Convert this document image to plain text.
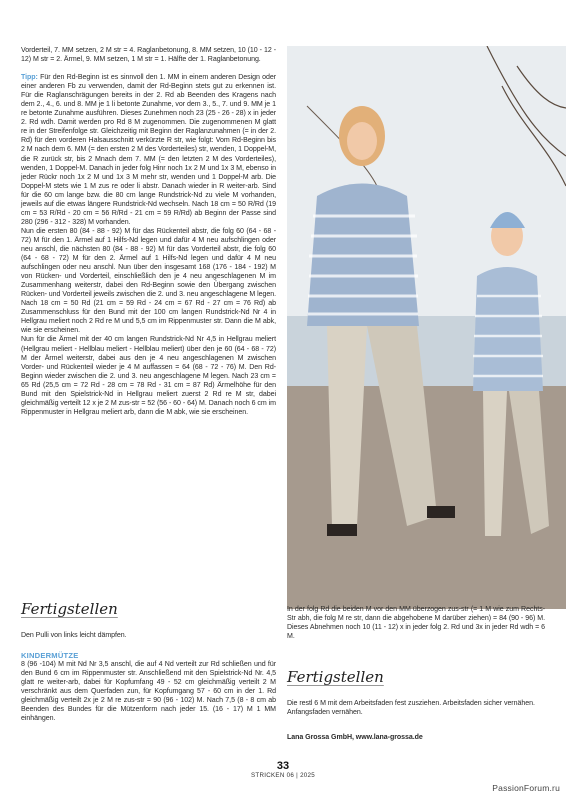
Vorderteil, 7. MM setzen, 2 M str = 4. Raglanbetonung, 8. MM setzen, 10 (10 - 12 - 12) M str = 2. Ärmel, 9. MM setzen, 1 M str = 1. Hälfte der 1. Raglanbetonung.

Tipp: Für den Rd-Beginn ist es sinnvoll den 1. MM in einem anderen Design oder einer anderen Fb zu verwenden, damit der Rd-Beginn stets gut zu erkennen ist. Für die Raglanschrägungen bereits in der 2. Rd ab Beenden des Kragens nach dem 2., 4., 6. und 8. MM je 1 li betonte Zunahme, vor dem 3., 5., 7. und 9. MM je 1 re betonte Zunahme ausführen. Dieses Zunehmen noch 23 (25 - 26 - 28) x in jeder 2. Rd wdh. Damit werden pro Rd 8 M zugenommen. Die zugenommenen M glatt re in der Streifenfolge str. Gleichzeitig mit Beginn der Raglanzunahmen (= in der 2. Rd) für den vorderen Halsausschnitt verkürzte R str, wie folgt: Vom Rd-Beginn bis 2 M nach dem 6. MM (= den ersten 2 M des Vorderteiles) str, wenden, 1 Doppel-M, die R zurück str, bis 2 Mnach dem 7. MM (= den letzten 2 M des Vorderteiles), wenden, 1 Doppel-M. Danach in jeder folg Hinr noch 1x 2 M und 1x 3 M, ebenso in jeder Rückr noch 1x 2 M und 1x 3 M mehr str, wenden und 1 Doppel-M arb. Die Doppel-M stets wie 1 M zus re oder li abstr. Danach wieder in R weiter-arb. Sind für die 60 cm lange bzw. die 80 cm lange Rundstrick-Nd zu viele M vorhanden, jeweils auf die etwas längere Rundstrick-Nd wechseln. Nach 18 cm = 50 R/Rd (19 cm = 53 R/Rd - 20 cm = 56 R/Rd - 21 cm = 59 R/Rd) ab Beginn der Passe sind 280 (296 - 312 - 328) M vorhanden.

Nun die ersten 80 (84 - 88 - 92) M für das Rückenteil abstr, die folg 60 (64 - 68 - 72) M für den 1. Ärmel auf 1 Hilfs-Nd legen und dafür 4 M neu aufschlingen oder neu anschl, die nächsten 80 (84 - 88 - 92) M für das Vorderteil abstr, die folg 60 (64 - 68 - 72) M für den 2. Ärmel auf 1 Hilfs-Nd legen und dafür 4 M neu aufschlingen oder neu anschl. Nun über den insgesamt 168 (176 - 184 - 192) M von Rücken- und Vorderteil, einschließlich den je 4 neu angeschlagenen M im Zusammenhang weiterstr, dabei den Rd-Beginn sowie den Übergang zwischen Rücken- und Vorderteil jeweils zwischen die 2. und 3. neu angeschlagene M legen. Nach 18 cm = 50 Rd (21 cm = 59 Rd - 24 cm = 67 Rd - 27 cm = 76 Rd) ab Zusammenschluss für den Bund mit der 100 cm langen Rundstrick-Nd Nr 4 in Hellgrau meliert noch 2 Rd re M und 5,5 cm im Rippenmuster str. Dann die M abk, wie sie erscheinen.

Nun für die Ärmel mit der 40 cm langen Rundstrick-Nd Nr 4,5 in Hellgrau meliert (Hellgrau meliert - Hellblau meliert - Hellblau meliert) über den je 60 (64 - 68 - 72) M der Ärmel weiterstr, dabei aus den je 4 neu angeschlagenen M zwischen Vorder- und Rückenteil wieder je 4 M auffassen = 64 (68 - 72 - 76) M. Den Rd-Beginn wieder zwischen die 2. und 3. neu angeschlagene M legen. Nach 23 cm = 65 Rd (25,5 cm = 72 Rd - 28 cm = 78 Rd - 31 cm = 87 Rd) Ärmelhöhe für den Bund mit den Spielstrick-Nd in Hellgrau meliert zuerst 2 Rd re M str, dabei gleichmäßig verteilt 12 x je 2 M zus-str = 52 (56 - 60 - 64) M. Danach noch 6 cm im Rippenmuster in Hellgrau meliert arb, dann die M abk, wie sie erscheinen.

Fertigstellen
Den Pulli von links leicht dämpfen.
KINDERMÜTZE

8 (96 -104) M mit Nd Nr 3,5 anschl, die auf 4 Nd verteilt zur Rd schließen und für den Bund 6 cm im Rippenmuster str. Anschließend mit den Spielstrick-Nd Nr. 4,5 glatt re weiter-arb, dabei für Kopfumfang 49 - 52 cm gleichmäßig verteilt 2 M verschränkt aus dem Querfaden zun, für Kopfumgang 57 - 60 cm in der 1. Rd gleichmäßig verteilt 2x je 2 M re zus-str = 90 (96 - 102) M. Nach 7,5 (8 - 8 cm ab Beenden des Bundes für die Mützenform nach jeder 15. (16 - 17) M 1 MM einhängen.

In der folg Rd die beiden M vor den MM überzogen zus-str (= 1 M wie zum Rechts-Str abh, die folg M re str, dann die abgehobene M darüber ziehen) = 84 (90 - 96) M. Dieses Abnehmen noch 10 (11 - 12) x in jeder folg 2. Rd und 3x in jeder Rd wdh = 6 M.

Fertigstellen
Die restl 6 M mit dem Arbeitsfaden fest zusziehen. Arbeitsfaden sicher vernähen. Anfangsfaden vernähen.
Lana Grossa GmbH, www.lana-grossa.de
33
STRICKEN 06 | 2025
PassionForum.ru
